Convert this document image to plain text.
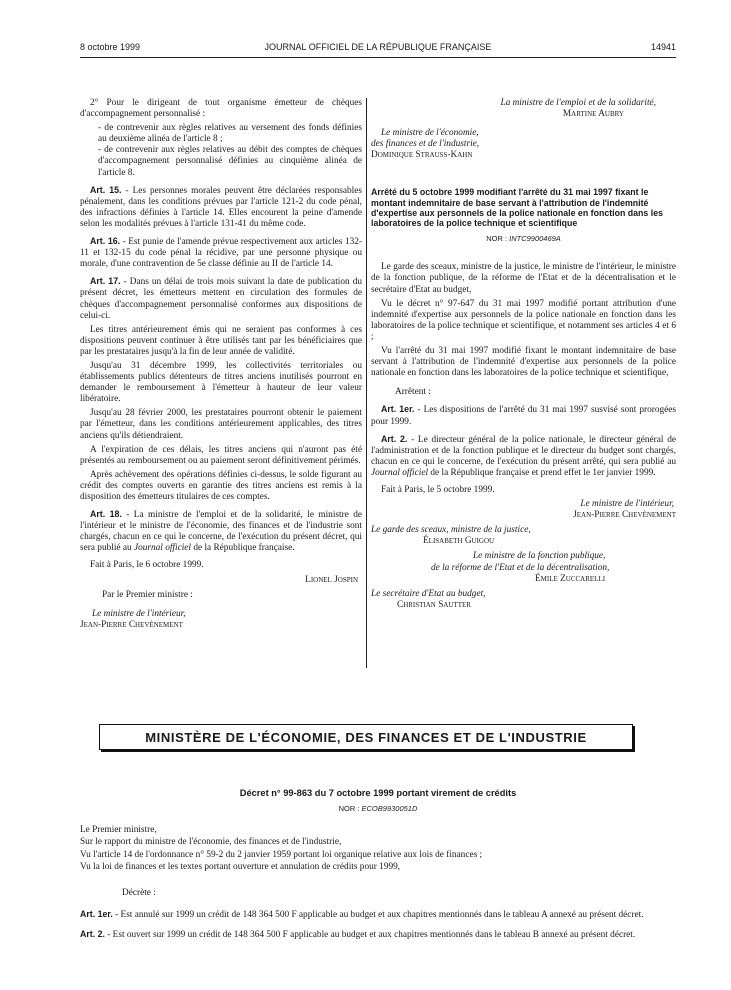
8 octobre 1999	JOURNAL OFFICIEL DE LA RÉPUBLIQUE FRANÇAISE	14941

2° Pour le dirigeant de tout organisme émetteur de chèques d'accompagnement personnalisé :

- de contrevenir aux règles relatives au versement des fonds définies au deuxième alinéa de l'article 8 ;

- de contrevenir aux règles relatives au débit des comptes de chèques d'accompagnement personnalisé définies au cinquième alinéa de l'article 8.

Art. 15. - Les personnes morales peuvent être déclarées responsables pénalement, dans les conditions prévues par l'article 121-2 du code pénal, des infractions définies à l'article 14. Elles encourent la peine d'amende selon les modalités prévues à l'article 131-41 du même code.

Art. 16. - Est punie de l'amende prévue respectivement aux articles 132-11 et 132-15 du code pénal la récidive, par une personne physique ou morale, d'une contravention de 5e classe définie au II de l'article 14.

Art. 17. - Dans un délai de trois mois suivant la date de publication du présent décret, les émetteurs mettent en circulation des formules de chèques d'accompagnement personnalisé conformes aux dispositions de celui-ci.

Les titres antérieurement émis qui ne seraient pas conformes à ces dispositions peuvent continuer à être utilisés tant par les bénéficiaires que par les prestataires jusqu'à la fin de leur année de validité.

Jusqu'au 31 décembre 1999, les collectivités territoriales ou établissements publics détenteurs de titres anciens inutilisés pourront en demander le remboursement à l'émetteur à hauteur de leur valeur libératoire.

Jusqu'au 28 février 2000, les prestataires pourront obtenir le paiement par l'émetteur, dans les conditions antérieurement applicables, des titres anciens qu'ils détiendraient.

A l'expiration de ces délais, les titres anciens qui n'auront pas été présentés au remboursement ou au paiement seront définitivement périmés.

Après achèvement des opérations définies ci-dessus, le solde figurant au crédit des comptes ouverts en garantie des titres anciens est remis à la disposition des émetteurs titulaires de ces comptes.

Art. 18. - La ministre de l'emploi et de la solidarité, le ministre de l'intérieur et le ministre de l'économie, des finances et de l'industrie sont chargés, chacun en ce qui le concerne, de l'exécution du présent décret, qui sera publié au Journal officiel de la République française.

Fait à Paris, le 6 octobre 1999.

Lionel Jospin
Par le Premier ministre :
Le ministre de l'intérieur,
Jean-Pierre Chevènement
La ministre de l'emploi et de la solidarité,
Martine Aubry
Le ministre de l'économie,
des finances et de l'industrie,
Dominique Strauss-Kahn
Arrêté du 5 octobre 1999 modifiant l'arrêté du 31 mai 1997 fixant le montant indemnitaire de base servant à l'attribution de l'indemnité d'expertise aux personnels de la police nationale en fonction dans les laboratoires de la police technique et scientifique
NOR : INTC9900469A

Le garde des sceaux, ministre de la justice, le ministre de l'intérieur, le ministre de la fonction publique, de la réforme de l'Etat et de la décentralisation et le secrétaire d'Etat au budget,

Vu le décret n° 97-647 du 31 mai 1997 modifié portant attribution d'une indemnité d'expertise aux personnels de la police nationale en fonction dans les laboratoires de la police technique et scientifique, et notamment ses articles 4 et 6 ;

Vu l'arrêté du 31 mai 1997 modifié fixant le montant indemnitaire de base servant à l'attribution de l'indemnité d'expertise aux personnels de la police nationale en fonction dans les laboratoires de la police technique et scientifique,

Arrêtent :

Art. 1er. - Les dispositions de l'arrêté du 31 mai 1997 susvisé sont prorogées pour 1999.

Art. 2. - Le directeur général de la police nationale, le directeur général de l'administration et de la fonction publique et le directeur du budget sont chargés, chacun en ce qui le concerne, de l'exécution du présent arrêté, qui sera publié au Journal officiel de la République française et prend effet le 1er janvier 1999.

Fait à Paris, le 5 octobre 1999.

Le ministre de l'intérieur,
Jean-Pierre Chevènement
Le garde des sceaux, ministre de la justice,
Élisabeth Guigou
Le ministre de la fonction publique,
de la réforme de l'Etat et de la décentralisation,
Émile Zuccarelli
Le secrétaire d'Etat au budget,
Christian Sautter
MINISTÈRE DE L'ÉCONOMIE, DES FINANCES ET DE L'INDUSTRIE
Décret n° 99-863 du 7 octobre 1999 portant virement de crédits
NOR : ECOB9930051D

Le Premier ministre,

Sur le rapport du ministre de l'économie, des finances et de l'industrie,

Vu l'article 14 de l'ordonnance n° 59-2 du 2 janvier 1959 portant loi organique relative aux lois de finances ;

Vu la loi de finances et les textes portant ouverture et annulation de crédits pour 1999,

Décrète :

Art. 1er. - Est annulé sur 1999 un crédit de 148 364 500 F applicable au budget et aux chapitres mentionnés dans le tableau A annexé au présent décret.

Art. 2. - Est ouvert sur 1999 un crédit de 148 364 500 F applicable au budget et aux chapitres mentionnés dans le tableau B annexé au présent décret.
